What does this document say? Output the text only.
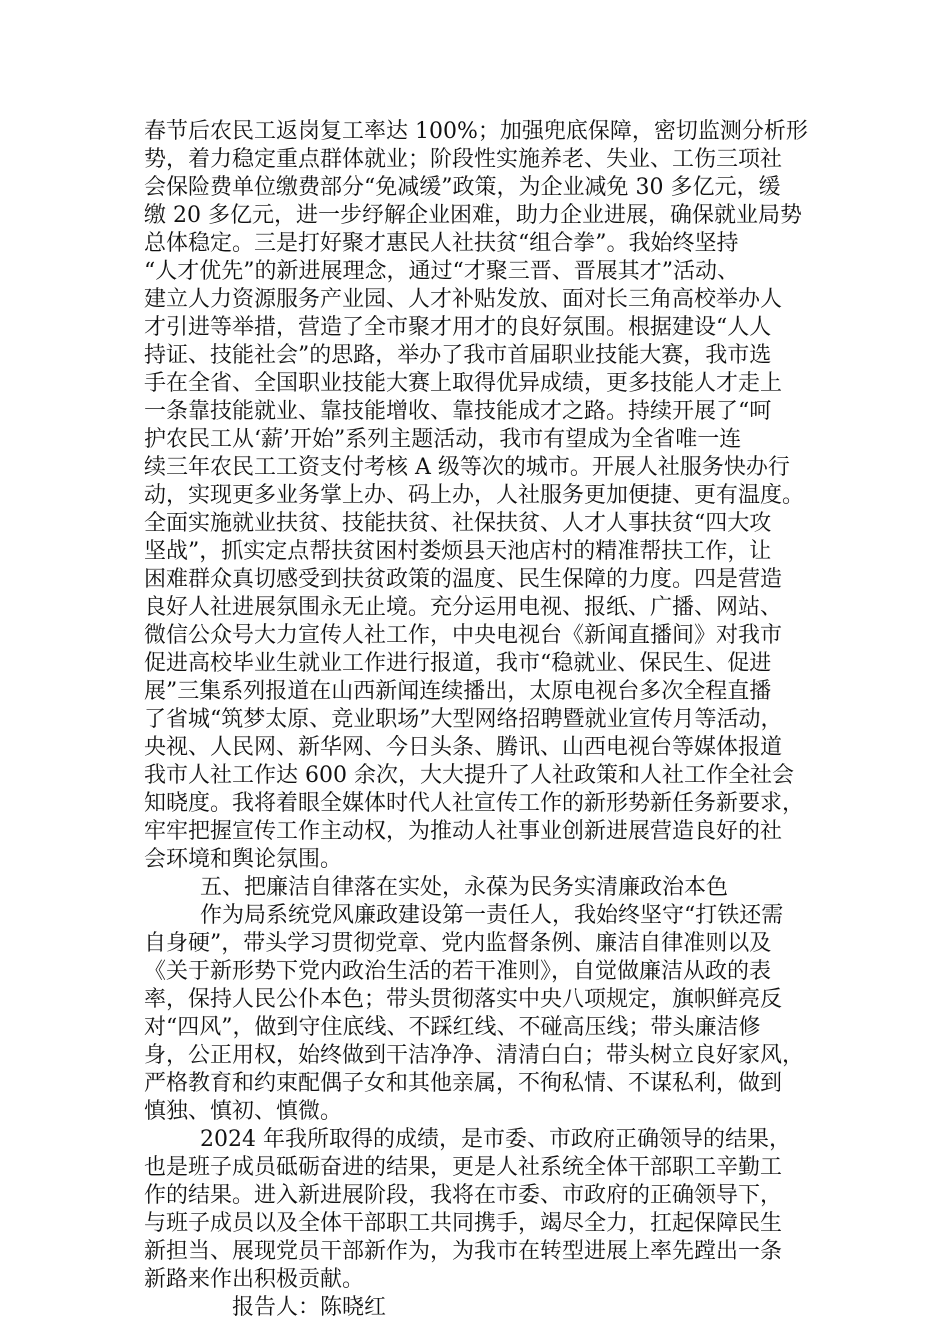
春节后农民工返岗复工率达 100%；加强兜底保障，密切监测分析形
势，着力稳定重点群体就业；阶段性实施养老、失业、工伤三项社
会保险费单位缴费部分“免减缓”政策，为企业减免 30 多亿元，缓
缴 20 多亿元，进一步纾解企业困难，助力企业进展，确保就业局势
总体稳定。三是打好聚才惠民人社扶贫“组合拳”。我始终坚持
“人才优先”的新进展理念，通过“才聚三晋、晋展其才”活动、
建立人力资源服务产业园、人才补贴发放、面对长三角高校举办人
才引进等举措，营造了全市聚才用才的良好氛围。根据建设“人人
持证、技能社会”的思路，举办了我市首届职业技能大赛，我市选
手在全省、全国职业技能大赛上取得优异成绩，更多技能人才走上
一条靠技能就业、靠技能增收、靠技能成才之路。持续开展了“呵
护农民工从‘薪’开始”系列主题活动，我市有望成为全省唯一连
续三年农民工工资支付考核 A 级等次的城市。开展人社服务快办行
动，实现更多业务掌上办、码上办，人社服务更加便捷、更有温度。
全面实施就业扶贫、技能扶贫、社保扶贫、人才人事扶贫“四大攻
坚战”，抓实定点帮扶贫困村娄烦县天池店村的精准帮扶工作，让
困难群众真切感受到扶贫政策的温度、民生保障的力度。四是营造
良好人社进展氛围永无止境。充分运用电视、报纸、广播、网站、
微信公众号大力宣传人社工作，中央电视台《新闻直播间》对我市
促进高校毕业生就业工作进行报道，我市“稳就业、保民生、促进
展”三集系列报道在山西新闻连续播出，太原电视台多次全程直播
了省城“筑梦太原、竞业职场”大型网络招聘暨就业宣传月等活动，
央视、人民网、新华网、今日头条、腾讯、山西电视台等媒体报道
我市人社工作达 600 余次，大大提升了人社政策和人社工作全社会
知晓度。我将着眼全媒体时代人社宣传工作的新形势新任务新要求，
牢牢把握宣传工作主动权，为推动人社事业创新进展营造良好的社
会环境和舆论氛围。
五、把廉洁自律落在实处，永葆为民务实清廉政治本色
作为局系统党风廉政建设第一责任人，我始终坚守“打铁还需
自身硬”，带头学习贯彻党章、党内监督条例、廉洁自律准则以及
《关于新形势下党内政治生活的若干准则》，自觉做廉洁从政的表
率，保持人民公仆本色；带头贯彻落实中央八项规定，旗帜鲜亮反
对“四风”，做到守住底线、不踩红线、不碰高压线；带头廉洁修
身，公正用权，始终做到干洁净净、清清白白；带头树立良好家风，
严格教育和约束配偶子女和其他亲属，不徇私情、不谋私利，做到
慎独、慎初、慎微。
2024 年我所取得的成绩，是市委、市政府正确领导的结果，
也是班子成员砥砺奋进的结果，更是人社系统全体干部职工辛勤工
作的结果。进入新进展阶段，我将在市委、市政府的正确领导下，
与班子成员以及全体干部职工共同携手，竭尽全力，扛起保障民生
新担当、展现党员干部新作为，为我市在转型进展上率先蹚出一条
新路来作出积极贡献。
报告人：陈晓红
